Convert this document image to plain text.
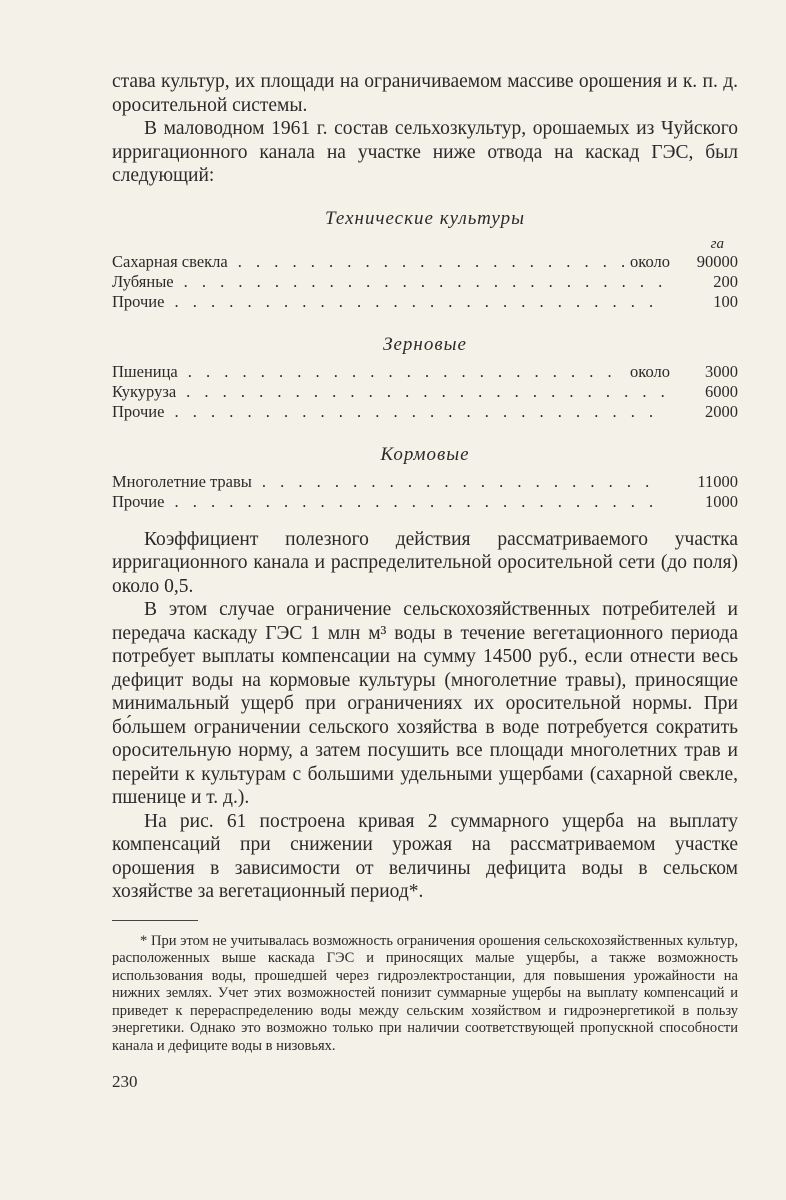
става культур, их площади на ограничиваемом массиве орошения и к. п. д. оросительной системы.

В маловодном 1961 г. состав сельхозкультур, орошаемых из Чуйского ирригационного канала на участке ниже отвода на каскад ГЭС, был следующий:

Технические культуры
га
Сахарная свекла . . .	около	90000
Лубяные . . .	200
Прочие . . .	100
Зерновые
Пшеница . . .	около	3000
Кукуруза . . .	6000
Прочие . . .	2000
Кормовые
Многолетние травы . . .	11000
Прочие . . .	1000

Коэффициент полезного действия рассматриваемого участка ирригационного канала и распределительной оросительной сети (до поля) около 0,5.

В этом случае ограничение сельскохозяйственных потребителей и передача каскаду ГЭС 1 млн м³ воды в течение вегетационного периода потребует выплаты компенсации на сумму 14500 руб., если отнести весь дефицит воды на кормовые культуры (многолетние травы), приносящие минимальный ущерб при ограничениях их оросительной нормы. При бо́льшем ограничении сельского хозяйства в воде потребуется сократить оросительную норму, а затем посушить все площади многолетних трав и перейти к культурам с большими удельными ущербами (сахарной свекле, пшенице и т. д.).

На рис. 61 построена кривая 2 суммарного ущерба на выплату компенсаций при снижении урожая на рассматриваемом участке орошения в зависимости от величины дефицита воды в сельском хозяйстве за вегетационный период*.

* При этом не учитывалась возможность ограничения орошения сельскохозяйственных культур, расположенных выше каскада ГЭС и приносящих малые ущербы, а также возможность использования воды, прошедшей через гидроэлектростанции, для повышения урожайности на нижних землях. Учет этих возможностей понизит суммарные ущербы на выплату компенсаций и приведет к перераспределению воды между сельским хозяйством и гидроэнергетикой в пользу энергетики. Однако это возможно только при наличии соответствующей пропускной способности канала и дефиците воды в низовьях.

230
